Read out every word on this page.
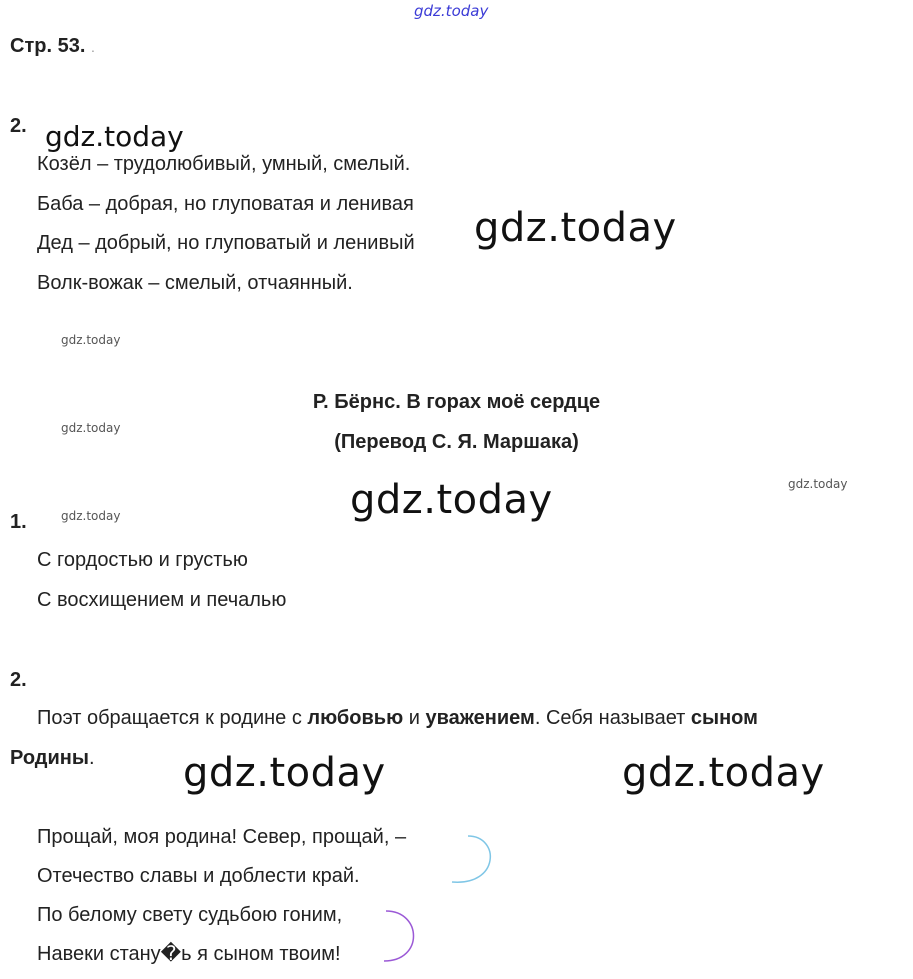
gdz.today
Стр. 53. .
2. gdz.today
Козёл – трудолюбивый, умный, смелый.
Баба – добрая, но глуповатая и ленивая
Дед – добрый, но глуповатый и ленивый
Волк-вожак – смелый, отчаянный.
gdz.today
gdz.today
gdz.today
gdz.today
gdz.today
Р. Бёрнс. В горах моё сердце
(Перевод С. Я. Маршака)
gdz.today
1.
С гордостью и грустью
С восхищением и печалью
2.
Поэт обращается к родине с любовью и уважением. Себя называет сыном
Родины. gdz.today	gdz.today
Прощай, моя родина! Север, прощай, –
Отечество славы и доблести край.
По белому свету судьбою гоним,
Навеки стану�ь я сыном твоим!
